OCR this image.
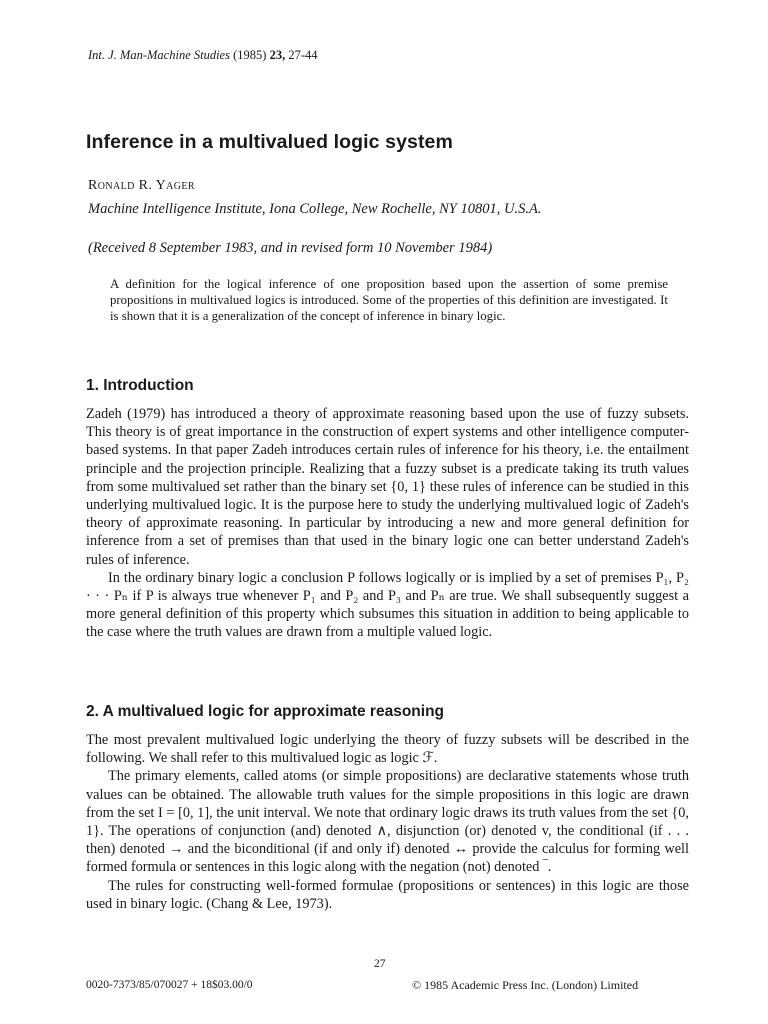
Int. J. Man-Machine Studies (1985) 23, 27-44
Inference in a multivalued logic system
Ronald R. Yager
Machine Intelligence Institute, Iona College, New Rochelle, NY 10801, U.S.A.
(Received 8 September 1983, and in revised form 10 November 1984)

A definition for the logical inference of one proposition based upon the assertion of some premise propositions in multivalued logics is introduced. Some of the properties of this definition are investigated. It is shown that it is a generalization of the concept of inference in binary logic.

1. Introduction

Zadeh (1979) has introduced a theory of approximate reasoning based upon the use of fuzzy subsets. This theory is of great importance in the construction of expert systems and other intelligence computer-based systems. In that paper Zadeh introduces certain rules of inference for his theory, i.e. the entailment principle and the projection principle. Realizing that a fuzzy subset is a predicate taking its truth values from some multivalued set rather than the binary set {0, 1} these rules of inference can be studied in this underlying multivalued logic. It is the purpose here to study the underlying multivalued logic of Zadeh's theory of approximate reasoning. In particular by introducing a new and more general definition for inference from a set of premises than that used in the binary logic one can better understand Zadeh's rules of inference.

In the ordinary binary logic a conclusion P follows logically or is implied by a set of premises P₁, P₂ · · · Pₙ if P is always true whenever P₁ and P₂ and P₃ and Pₙ are true. We shall subsequently suggest a more general definition of this property which subsumes this situation in addition to being applicable to the case where the truth values are drawn from a multiple valued logic.

2. A multivalued logic for approximate reasoning

The most prevalent multivalued logic underlying the theory of fuzzy subsets will be described in the following. We shall refer to this multivalued logic as logic ℱ.

The primary elements, called atoms (or simple propositions) are declarative statements whose truth values can be obtained. The allowable truth values for the simple propositions in this logic are drawn from the set I = [0, 1], the unit interval. We note that ordinary logic draws its truth values from the set {0, 1}. The operations of conjunction (and) denoted ∧, disjunction (or) denoted v, the conditional (if . . . then) denoted → and the biconditional (if and only if) denoted ↔ provide the calculus for forming well formed formula or sentences in this logic along with the negation (not) denoted ‾.

The rules for constructing well-formed formulae (propositions or sentences) in this logic are those used in binary logic. (Chang & Lee, 1973).

27
0020-7373/85/070027 + 18$03.00/0	© 1985 Academic Press Inc. (London) Limited
